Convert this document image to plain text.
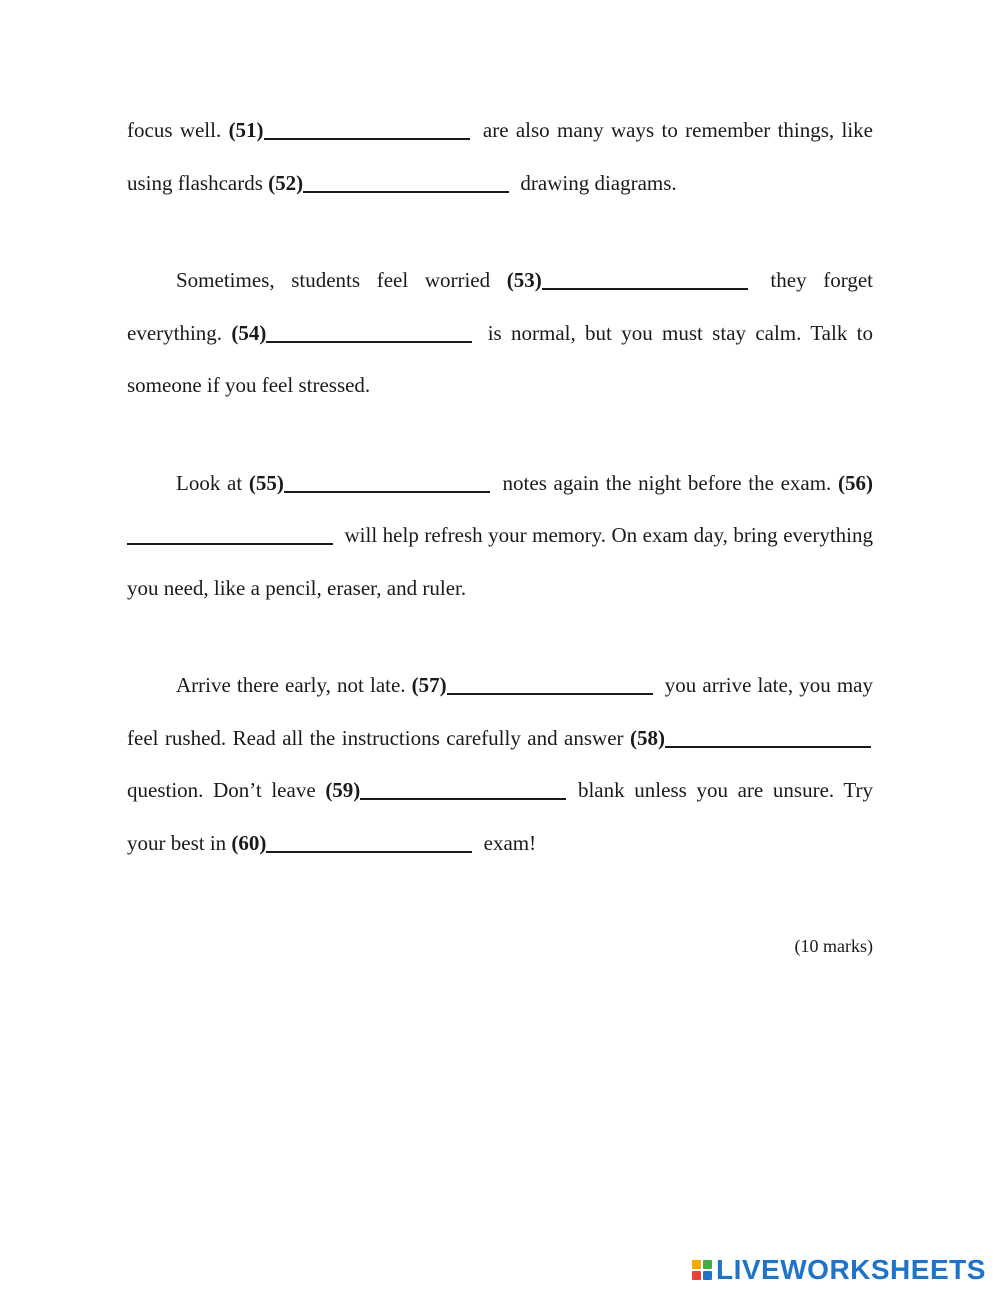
focus well. (51)	are also many ways to remember things, like using flashcards (52)	drawing diagrams.

Sometimes, students feel worried (53)	they forget everything. (54)	is normal, but you must stay calm. Talk to someone if you feel stressed.

Look at (55)	notes again the night before the exam. (56) will help refresh your memory. On exam day, bring everything you need, like a pencil, eraser, and ruler.

Arrive there early, not late. (57)	you arrive late, you may feel rushed. Read all the instructions carefully and answer (58) question. Don’t leave (59)	blank unless you are unsure. Try your best in (60)	exam!

(10 marks)
LIVEWORKSHEETS
